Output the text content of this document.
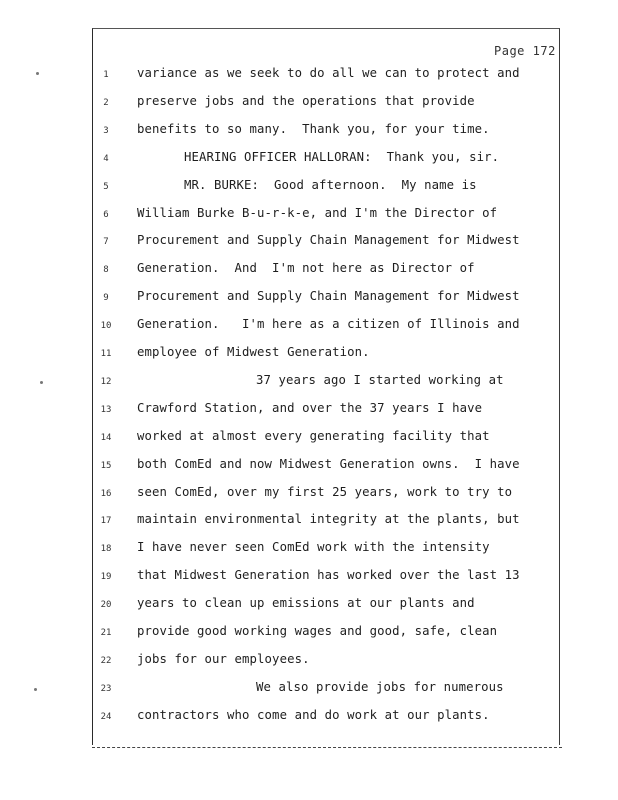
Page 172
1	variance as we seek to do all we can to protect and
2	preserve jobs and the operations that provide
3	benefits to so many.  Thank you, for your time.
4	HEARING OFFICER HALLORAN:  Thank you, sir.
5	MR. BURKE:  Good afternoon.  My name is
6	William Burke B-u-r-k-e, and I'm the Director of
7	Procurement and Supply Chain Management for Midwest
8	Generation.  And  I'm not here as Director of
9	Procurement and Supply Chain Management for Midwest
10	Generation.   I'm here as a citizen of Illinois and
11	employee of Midwest Generation.
12	37 years ago I started working at
13	Crawford Station, and over the 37 years I have
14	worked at almost every generating facility that
15	both ComEd and now Midwest Generation owns.  I have
16	seen ComEd, over my first 25 years, work to try to
17	maintain environmental integrity at the plants, but
18	I have never seen ComEd work with the intensity
19	that Midwest Generation has worked over the last 13
20	years to clean up emissions at our plants and
21	provide good working wages and good, safe, clean
22	jobs for our employees.
23	We also provide jobs for numerous
24	contractors who come and do work at our plants.
